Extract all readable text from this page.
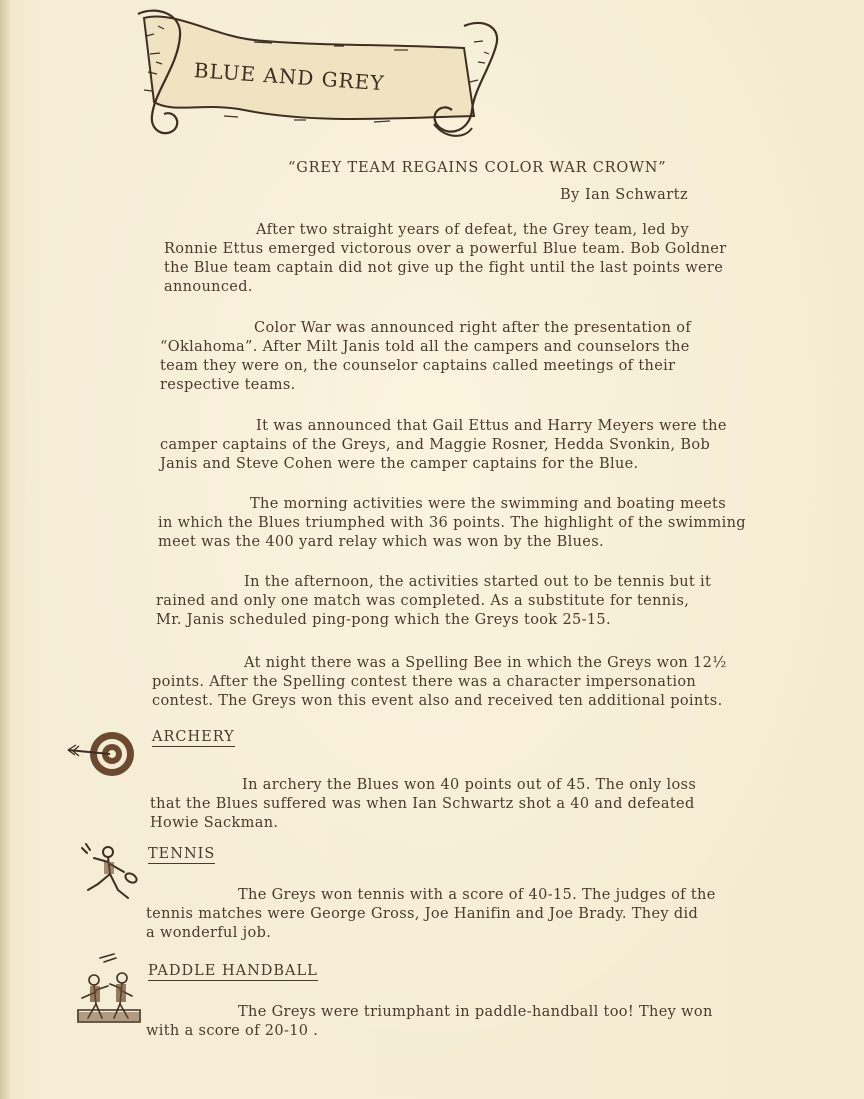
BLUE AND GREY
“GREY TEAM REGAINS COLOR WAR CROWN”
By Ian Schwartz

After two straight years of defeat, the Grey team, led by
Ronnie Ettus emerged victorous over a powerful Blue team. Bob Goldner
the Blue team captain did not give up the fight until the last points were
announced.

Color War was announced right after the presentation of
“Oklahoma”. After Milt Janis told all the campers and counselors the
team they were on, the counselor captains called meetings of their
respective teams.

It was announced that Gail Ettus and Harry Meyers were the
camper captains of the Greys, and Maggie Rosner, Hedda Svonkin, Bob
Janis and Steve Cohen were the camper captains for the Blue.

The morning activities were the swimming and boating meets
in which the Blues triumphed with 36 points. The highlight of the swimming
meet was the 400 yard relay which was won by the Blues.

In the afternoon, the activities started out to be tennis but it
rained and only one match was completed. As a substitute for tennis,
Mr. Janis scheduled ping-pong which the Greys took 25-15.

At night there was a Spelling Bee in which the Greys won 12½
points. After the Spelling contest there was a character impersonation
contest. The Greys won this event also and received ten additional points.

ARCHERY

In archery the Blues won 40 points out of 45. The only loss
that the Blues suffered was when Ian Schwartz shot a 40 and defeated
Howie Sackman.

TENNIS

The Greys won tennis with a score of 40-15. The judges of the
tennis matches were George Gross, Joe Hanifin and Joe Brady. They did
a wonderful job.

PADDLE HANDBALL

The Greys were triumphant in paddle-handball too! They won
with a score of 20-10 .
